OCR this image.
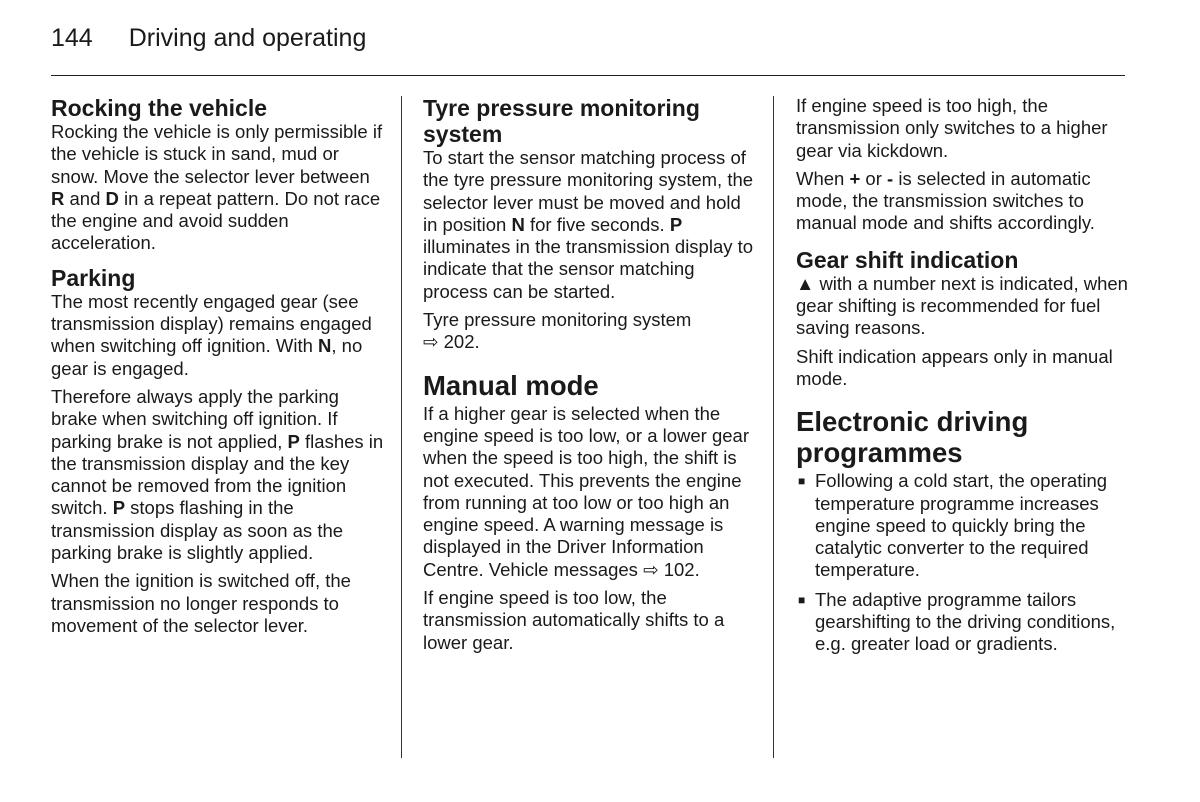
144 Driving and operating
Rocking the vehicle

Rocking the vehicle is only permissible if the vehicle is stuck in sand, mud or snow. Move the selector lever between R and D in a repeat pattern. Do not race the engine and avoid sudden acceleration.

Parking

The most recently engaged gear (see transmission display) remains engaged when switching off ignition. With N, no gear is engaged.

Therefore always apply the parking brake when switching off ignition. If parking brake is not applied, P flashes in the transmission display and the key cannot be removed from the ignition switch. P stops flashing in the transmission display as soon as the parking brake is slightly applied.

When the ignition is switched off, the transmission no longer responds to movement of the selector lever.

Tyre pressure monitoring system

To start the sensor matching process of the tyre pressure monitoring system, the selector lever must be moved and hold in position N for five seconds. P illuminates in the transmission display to indicate that the sensor matching process can be started.

Tyre pressure monitoring system
⇨ 202.

Manual mode

If a higher gear is selected when the engine speed is too low, or a lower gear when the speed is too high, the shift is not executed. This prevents the engine from running at too low or too high an engine speed. A warning message is displayed in the Driver Information Centre. Vehicle messages ⇨ 102.

If engine speed is too low, the transmission automatically shifts to a lower gear.

If engine speed is too high, the transmission only switches to a higher gear via kickdown.

When + or - is selected in automatic mode, the transmission switches to manual mode and shifts accordingly.

Gear shift indication

▲ with a number next is indicated, when gear shifting is recommended for fuel saving reasons.

Shift indication appears only in manual mode.

Electronic driving programmes
■ Following a cold start, the operating temperature programme increases engine speed to quickly bring the catalytic converter to the required temperature.
■ The adaptive programme tailors gearshifting to the driving conditions, e.g. greater load or gradients.
